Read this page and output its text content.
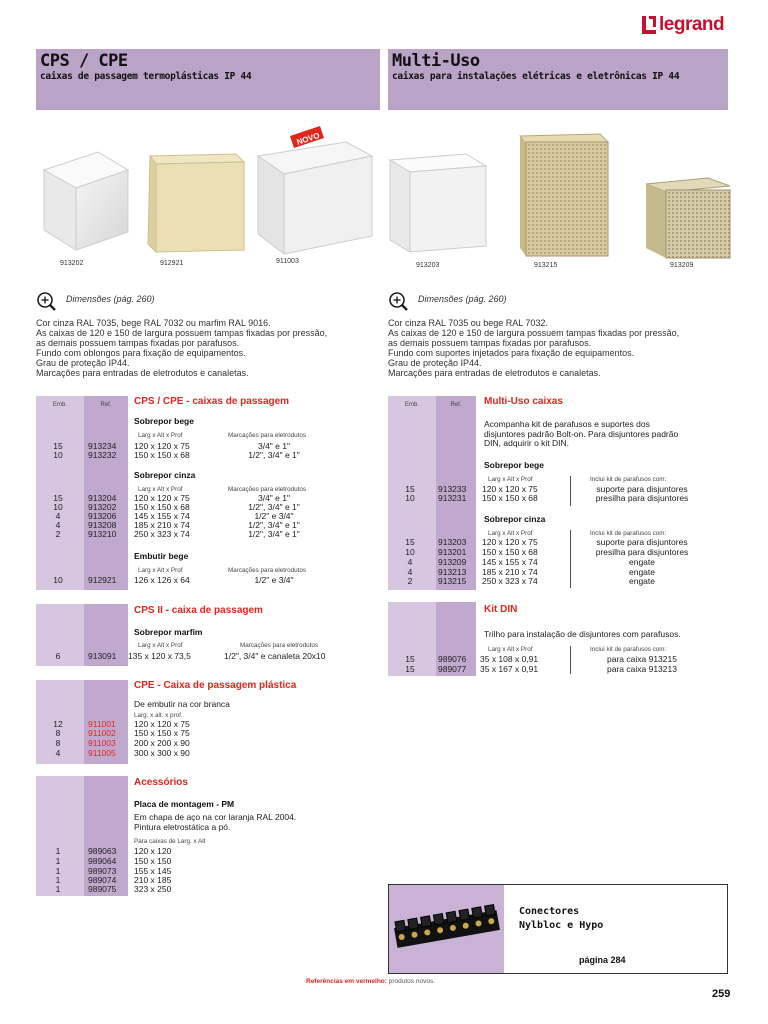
legrand
CPS / CPE

caixas de passagem termoplásticas IP 44

Multi-Uso

caixas para instalações elétricas e eletrônicas IP 44

913202	912921
NOVO
911003
913203	913215	913209
Dimensões (pág. 260)
Cor cinza RAL 7035, bege RAL 7032 ou marfim RAL 9016.
As caixas de 120 e 150 de largura possuem tampas fixadas por pressão,
as demais possuem tampas fixadas por parafusos.
Fundo com oblongos para fixação de equipamentos.
Grau de proteção IP44.
Marcações para entradas de eletrodutos e canaletas.
Dimensões (pág. 260)
Cor cinza RAL 7035 ou bege RAL 7032.
As caixas de 120 e 150 de largura possuem tampas fixadas por pressão,
as demais possuem tampas fixadas por parafusos.
Fundo com suportes injetados para fixação de equipamentos.
Grau de proteção IP44.
Marcações para entradas de eletrodutos e canaletas.
Emb.	Ref.	CPS / CPE - caixas de passagem
Sobrepor bege
Larg x Alt x Prof	Marcações para eletrodutos
15	913234 120 x 120 x 75	3/4" e 1"
10	913232 150 x 150 x 68	1/2", 3/4" e 1"
Sobrepor cinza
Larg x Alt x Prof	Marcações para eletrodutos
15	913204 120 x 120 x 75	3/4" e 1"
10	913202 150 x 150 x 68	1/2", 3/4" e 1"
4	913206 145 x 155 x 74	1/2" e 3/4"
4	913208 185 x 210 x 74	1/2", 3/4" e 1"
2	913210 250 x 323 x 74	1/2", 3/4" e 1"
Embutir bege
Larg x Alt x Prof	Marcações para eletrodutos
10	912921 126 x 126 x 64	1/2" e 3/4"
CPS II - caixa de passagem
Sobrepor marfim
Larg x Alt x Prof	Marcações para eletrodutos
6	913091 135 x 120 x 73,5	1/2", 3/4" e canaleta 20x10
CPE - Caixa de passagem plástica
De embutir na cor branca
Larg. x alt. x prof.
12	911001 120 x 120 x 75
8	911002 150 x 150 x 75
8	911003 200 x 200 x 90
4	911005 300 x 300 x 90
Acessórios
Placa de montagem - PM
Em chapa de aço na cor laranja RAL 2004.
Pintura eletrostática a pó.
Para caixas de Larg. x Alt
1	989063 120 x 120
1	989064 150 x 150
1	989073 155 x 145
1	989074 210 x 185
1	989075 323 x 250
Emb.	Ref.	Multi-Uso caixas
Acompanha kit de parafusos e suportes dos
disjuntores padrão Bolt-on. Para disjuntores padrão
DIN, adquirir o kit DIN.
Sobrepor bege
Larg x Alt x Prof	Inclui kit de parafusos com:
15	913233 120 x 120 x 75	suporte para disjuntores
10	913231 150 x 150 x 68	presilha para disjuntores
Sobrepor cinza
Larg x Alt x Prof	Inclui kit de parafusos com:
15	913203 120 x 120 x 75	suporte para disjuntores
10	913201 150 x 150 x 68	presilha para disjuntores
4	913209 145 x 155 x 74	engate
4	913213 185 x 210 x 74	engate
2	913215 250 x 323 x 74	engate
Kit DIN
Trilho para instalação de disjuntores com parafusos.
Larg x Alt x Prof	Inclui kit de parafusos com:
15	989076 35 x 108 x 0,91	para caixa 913215
15	989077 35 x 167 x 0,91	para caixa 913213
Conectores
Nylbloc e Hypo
página 284
Referências em vermelho: produtos novos.
259
